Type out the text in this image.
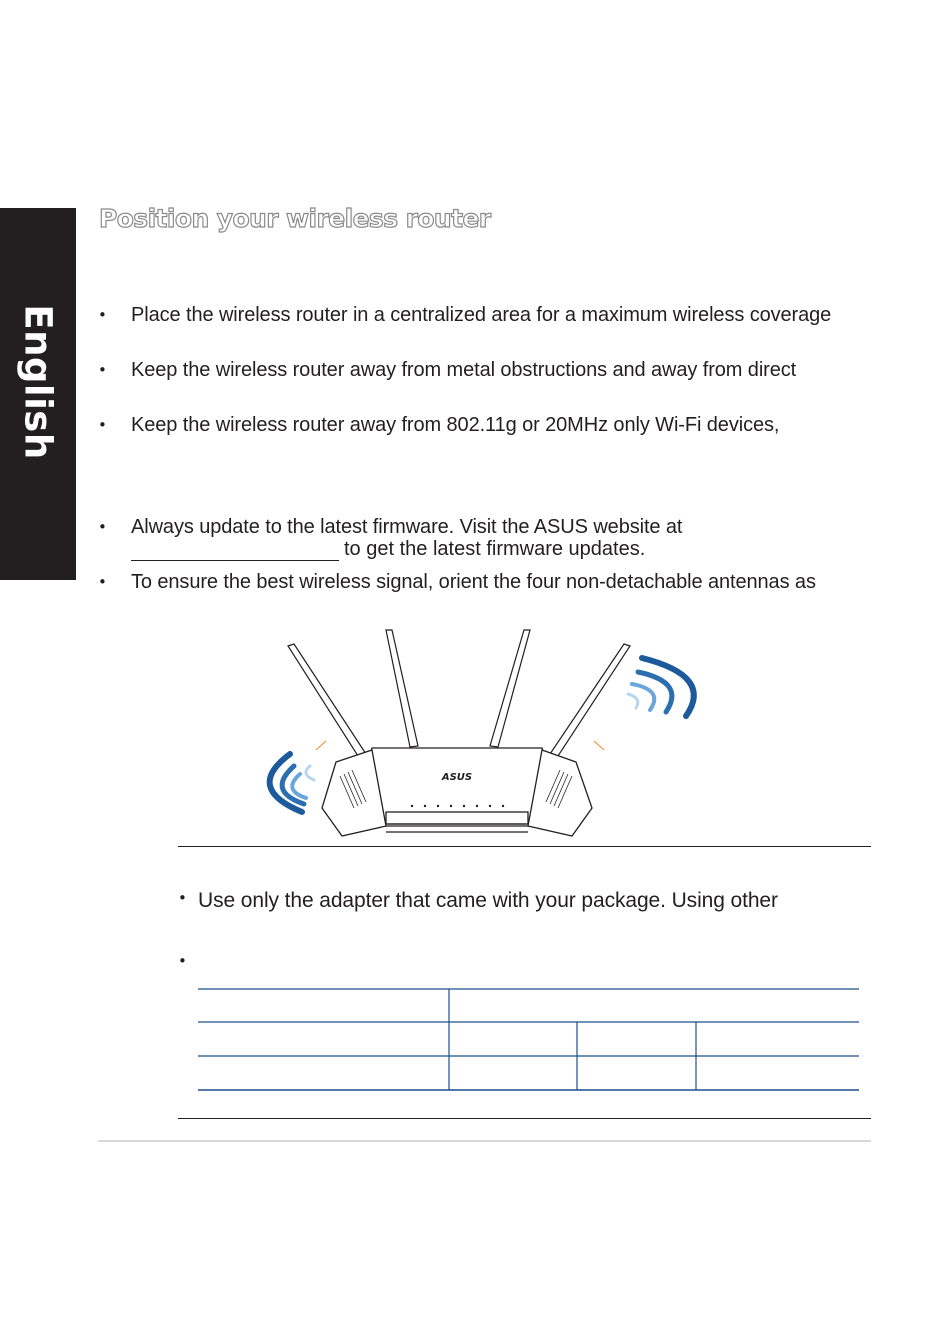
English
Position your wireless router
• Place the wireless router in a centralized area for a maximum wireless coverage
• Keep the wireless router away from metal obstructions and away from direct
• Keep the wireless router away from 802.11g or 20MHz only Wi-Fi devices,
• Always update to the latest firmware. Visit the ASUS website at
to get the latest firmware updates.
• To ensure the best wireless signal, orient the four non-detachable antennas as
ASUS
• Use only the adapter that came with your package. Using other
•
